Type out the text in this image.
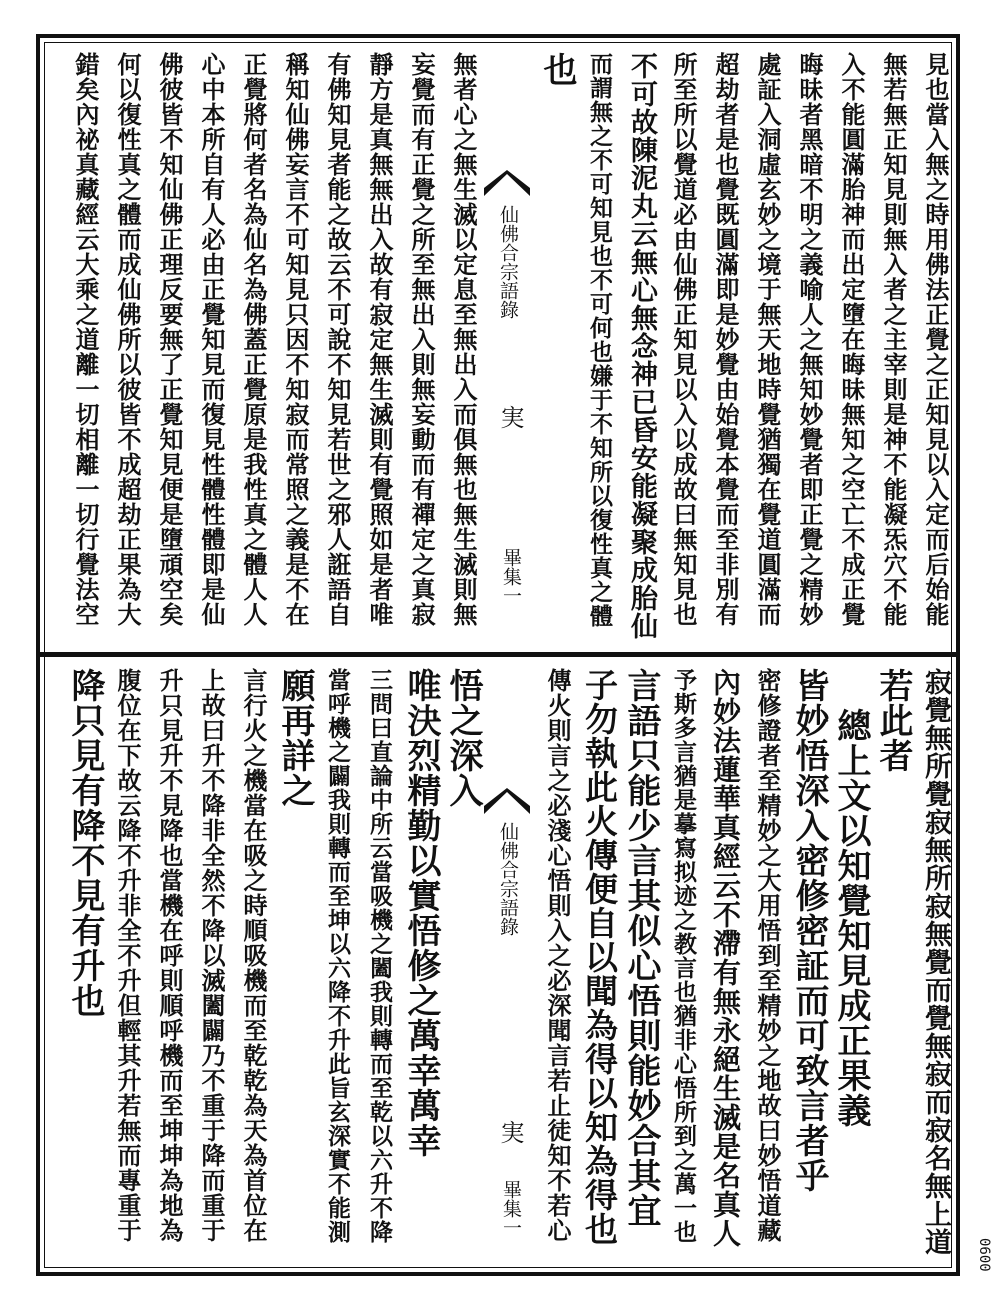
見也當入無之時用佛法正覺之正知見以入定而后始能
無若無正知見則無入者之主宰則是神不能凝炁穴不能
入不能圓滿胎神而出定墮在晦昧無知之空亡不成正覺
晦昧者黑暗不明之義喻人之無知妙覺者即正覺之精妙
處証入洞虛玄妙之境于無天地時覺猶獨在覺道圓滿而
超劫者是也覺既圓滿即是妙覺由始覺本覺而至非別有
所至所以覺道必由仙佛正知見以入以成故曰無知見也
不可故陳泥丸云無心無念神已昏安能凝聚成胎仙
而謂無之不可知見也不可何也嫌于不知所以復性真之體
也
仙佛合宗語錄
実
畢集一
無者心之無生滅以定息至無出入而俱無也無生滅則無
妄覺而有正覺之所至無出入則無妄動而有禪定之真寂
靜方是真無無出入故有寂定無生滅則有覺照如是者唯
有佛知見者能之故云不可說不知見若世之邪人誑語自
稱知仙佛妄言不可知見只因不知寂而常照之義是不在
正覺將何者名為仙名為佛蓋正覺原是我性真之體人人
心中本所自有人必由正覺知見而復見性體性體即是仙
佛彼皆不知仙佛正理反要無了正覺知見便是墮頑空矣
何以復性真之體而成仙佛所以彼皆不成超劫正果為大
錯矣內祕真藏經云大乘之道離一切相離一切行覺法空
寂覺無所覺寂無所寂無覺而覺無寂而寂名無上道
若此者
總上文以知覺知見成正果義
皆妙悟深入密修密証而可致言者乎
密修證者至精妙之大用悟到至精妙之地故曰妙悟道藏
內妙法蓮華真經云不滯有無永絕生滅是名真人
予斯多言猶是摹寫拟迹之教言也猶非心悟所到之萬一也
言語只能少言其似心悟則能妙合其宜
子勿執此火傳便自以聞為得以知為得也
傳火則言之必淺心悟則入之必深聞言若止徒知不若心
仙佛合宗語錄
実
畢集一
悟之深入
唯決烈精勤以實悟修之萬幸萬幸
三問曰直論中所云當吸機之闔我則轉而至乾以六升不降
當呼機之闢我則轉而至坤以六降不升此旨玄深實不能測
願再詳之
言行火之機當在吸之時順吸機而至乾乾為天為首位在
上故曰升不降非全然不降以滅闔闢乃不重于降而重于
升只見升不見降也當機在呼則順呼機而至坤坤為地為
腹位在下故云降不升非全不升但輕其升若無而專重于
降只見有降不見有升也
0600
